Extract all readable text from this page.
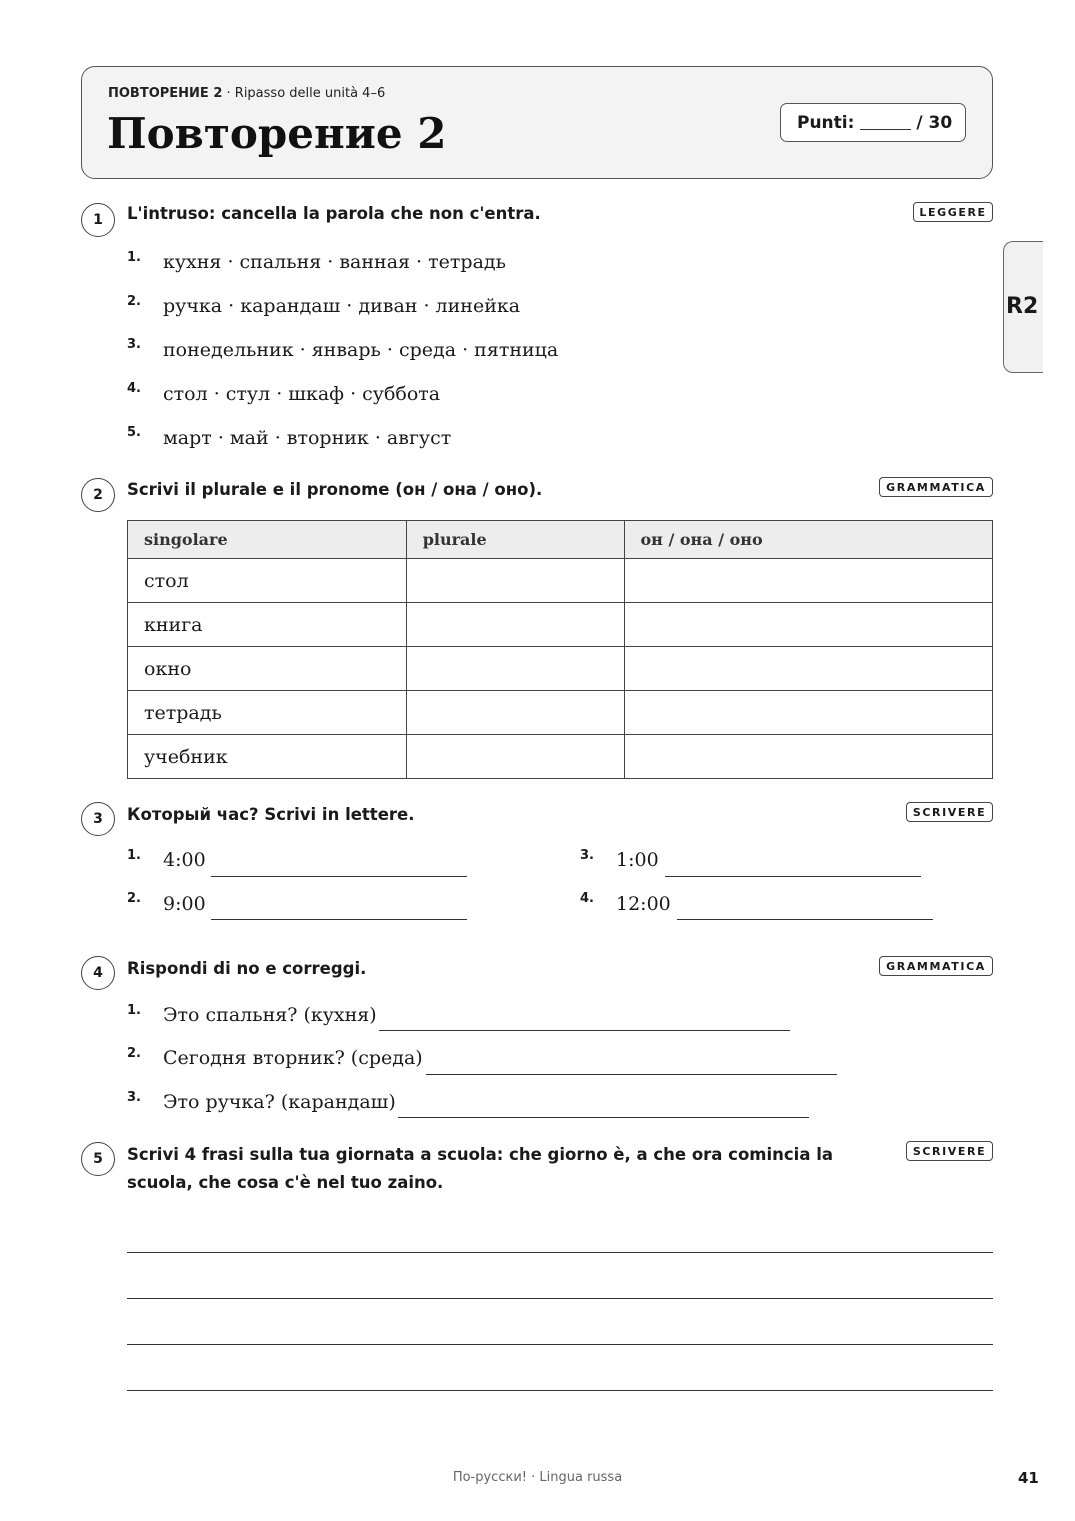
ПОВТОРЕНИЕ 2 · Ripasso delle unità 4–6
Повторение 2	Punti:	/ 30
R2
1	L'intruso: cancella la parola che non c'entra.	LEGGERE
1. кухня · спальня · ванная · тетрадь
2. ручка · карандаш · диван · линейка
3. понедельник · январь · среда · пятница
4. стол · стул · шкаф · суббота
5. март · май · вторник · август
2	Scrivi il plurale e il pronome (он / она / оно).	GRAMMATICA
singolare	plurale	он / она / оно
стол		
книга		
окно		
тетрадь		
учебник		
3	Который час? Scrivi in lettere.	SCRIVERE
1. 4:00
2. 9:00
3. 1:00
4. 12:00
4	Rispondi di no e correggi.	GRAMMATICA
1. Это спальня? (кухня)
2. Сегодня вторник? (среда)
3. Это ручка? (карандаш)
5	Scrivi 4 frasi sulla tua giornata a scuola: che giorno è, a che ora comincia la scuola, che cosa c'è nel tuo zaino.
SCRIVERE
По-русски! · Lingua russa	41
